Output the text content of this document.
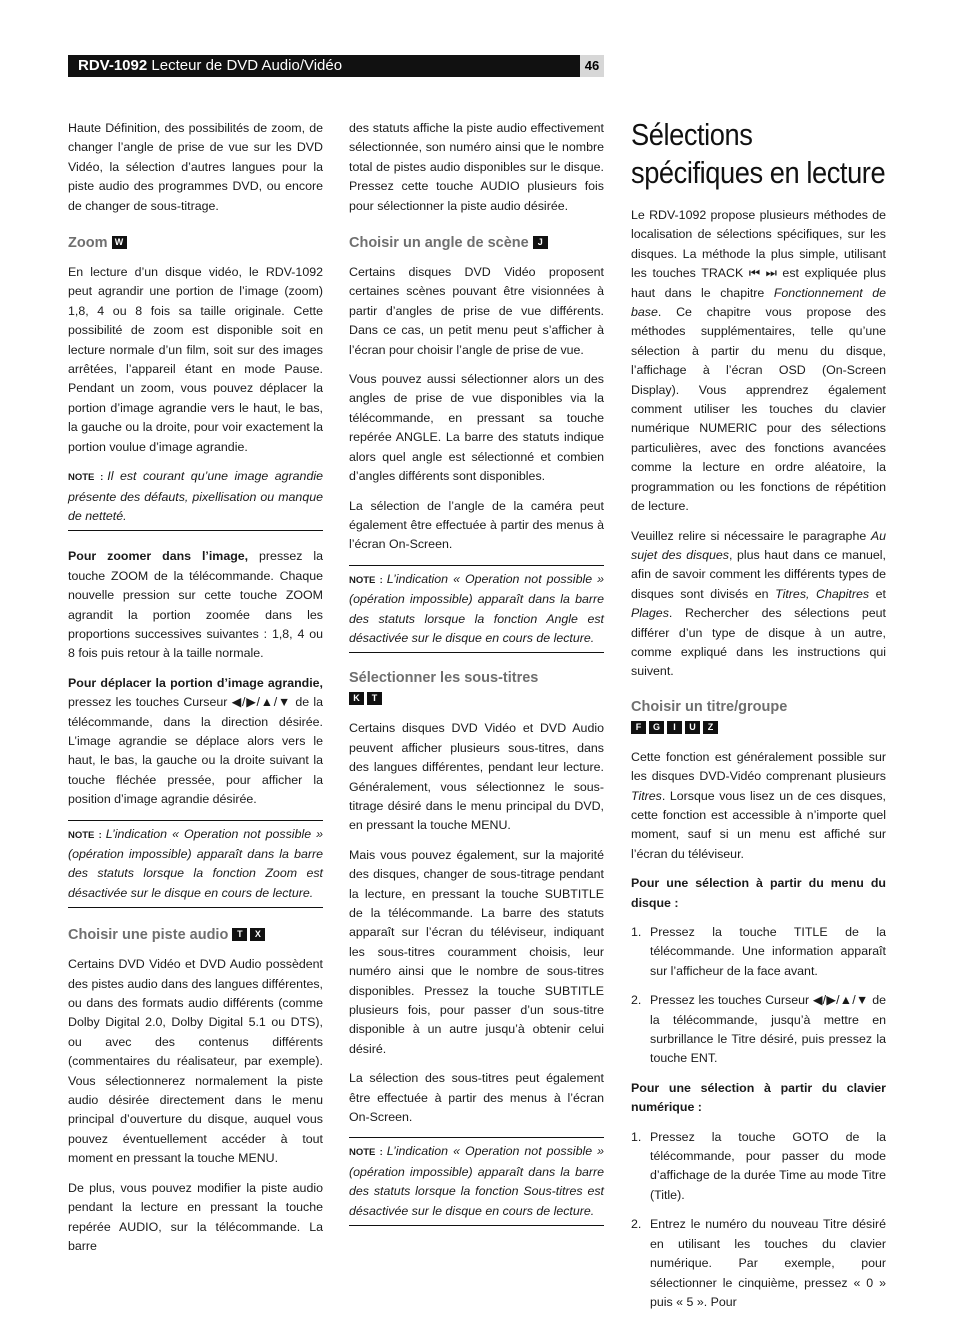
RDV-1092 Lecteur de DVD Audio/Vidéo	46

Haute Définition, des possibilités de zoom, de changer l’angle de prise de vue sur les DVD Vidéo, la sélection d’autres langues pour la piste audio des programmes DVD, ou encore de changer de sous-titrage.

Zoom W

En lecture d’un disque vidéo, le RDV-1092 peut agrandir une portion de l’image (zoom) 1,8, 4 ou 8 fois sa taille originale. Cette possibilité de zoom est disponible soit en lecture normale d’un film, soit sur des images arrêtées, l’appareil étant en mode Pause. Pendant un zoom, vous pouvez déplacer la portion d’image agrandie vers le haut, le bas, la gauche ou la droite, pour voir exactement la portion voulue d’image agrandie.

NOTE : Il est courant qu’une image agrandie présente des défauts, pixellisation ou manque de netteté.

Pour zoomer dans l’image, pressez la touche ZOOM de la télécommande. Chaque nouvelle pression sur cette touche ZOOM agrandit la portion zoomée dans les proportions successives suivantes : 1,8, 4 ou 8 fois puis retour à la taille normale.

Pour déplacer la portion d’image agrandie, pressez les touches Curseur ◀/▶/▲/▼ de la télécommande, dans la direction désirée. L’image agrandie se déplace alors vers le haut, le bas, la gauche ou la droite suivant la touche fléchée pressée, pour afficher la position d’image agrandie désirée.

NOTE : L’indication « Operation not possible » (opération impossible) apparaît dans la barre des statuts lorsque la fonction Zoom est désactivée sur le disque en cours de lecture.
Choisir une piste audio T X

Certains DVD Vidéo et DVD Audio possèdent des pistes audio dans des langues différentes, ou dans des formats audio différents (comme Dolby Digital 2.0, Dolby Digital 5.1 ou DTS), ou avec des contenus différents (commentaires du réalisateur, par exemple). Vous sélectionnerez normalement la piste audio désirée directement dans le menu principal d’ouverture du disque, auquel vous pouvez éventuellement accéder à tout moment en pressant la touche MENU.

De plus, vous pouvez modifier la piste audio pendant la lecture en pressant la touche repérée AUDIO, sur la télécommande. La barre

des statuts affiche la piste audio effectivement sélectionnée, son numéro ainsi que le nombre total de pistes audio disponibles sur le disque. Pressez cette touche AUDIO plusieurs fois pour sélectionner la piste audio désirée.

Choisir un angle de scène J

Certains disques DVD Vidéo proposent certaines scènes pouvant être visionnées à partir d’angles de prise de vue différents. Dans ce cas, un petit menu peut s’afficher à l’écran pour choisir l’angle de prise de vue.

Vous pouvez aussi sélectionner alors un des angles de prise de vue disponibles via la télécommande, en pressant sa touche repérée ANGLE. La barre des statuts indique alors quel angle est sélectionné et combien d’angles différents sont disponibles.

La sélection de l’angle de la caméra peut également être effectuée à partir des menus à l’écran On-Screen.

NOTE : L’indication « Operation not possible » (opération impossible) apparaît dans la barre des statuts lorsque la fonction Angle est désactivée sur le disque en cours de lecture.
Sélectionner les sous-titres
K T

Certains disques DVD Vidéo et DVD Audio peuvent afficher plusieurs sous-titres, dans des langues différentes, pendant leur lecture. Généralement, vous sélectionnez le sous-titrage désiré dans le menu principal du DVD, en pressant la touche MENU.

Mais vous pouvez également, sur la majorité des disques, changer de sous-titrage pendant la lecture, en pressant la touche SUBTITLE de la télécommande. La barre des statuts apparaît sur l’écran du téléviseur, indiquant les sous-titres couramment choisis, leur numéro ainsi que le nombre de sous-titres disponibles. Pressez la touche SUBTITLE plusieurs fois, pour passer d’un sous-titre disponible à un autre jusqu’à obtenir celui désiré.

La sélection des sous-titres peut également être effectuée à partir des menus à l’écran On-Screen.

NOTE : L’indication « Operation not possible » (opération impossible) apparaît dans la barre des statuts lorsque la fonction Sous-titres est désactivée sur le disque en cours de lecture.
Sélections spécifiques en lecture

Le RDV-1092 propose plusieurs méthodes de localisation de sélections spécifiques, sur les disques. La méthode la plus simple, utilisant les touches TRACK ⏮ ⏭ est expliquée plus haut dans le chapitre Fonctionnement de base. Ce chapitre vous propose des méthodes supplémentaires, telle qu’une sélection à partir du menu du disque, l’affichage à l’écran OSD (On-Screen Display). Vous apprendrez également comment utiliser les touches du clavier numérique NUMERIC pour des sélections particulières, avec des fonctions avancées comme la lecture en ordre aléatoire, la programmation ou les fonctions de répétition de lecture.

Veuillez relire si nécessaire le paragraphe Au sujet des disques, plus haut dans ce manuel, afin de savoir comment les différents types de disques sont divisés en Titres, Chapitres et Plages. Rechercher des sélections peut différer d’un type de disque à un autre, comme expliqué dans les instructions qui suivent.

Choisir un titre/groupe
F G I U Z

Cette fonction est généralement possible sur les disques DVD-Vidéo comprenant plusieurs Titres. Lorsque vous lisez un de ces disques, cette fonction est accessible à n’importe quel moment, sauf si un menu est affiché sur l’écran du téléviseur.

Pour une sélection à partir du menu du disque :

1. Pressez la touche TITLE de la télécommande. Une information apparaît sur l’afficheur de la face avant.
2. Pressez les touches Curseur ◀/▶/▲/▼ de la télécommande, jusqu’à mettre en surbrillance le Titre désiré, puis pressez la touche ENT.

Pour une sélection à partir du clavier numérique :

1. Pressez la touche GOTO de la télécommande, pour passer du mode d’affichage de la durée Time au mode Titre (Title).
2. Entrez le numéro du nouveau Titre désiré en utilisant les touches du clavier numérique. Par exemple, pour sélectionner le cinquième, pressez « 0 » puis « 5 ». Pour
